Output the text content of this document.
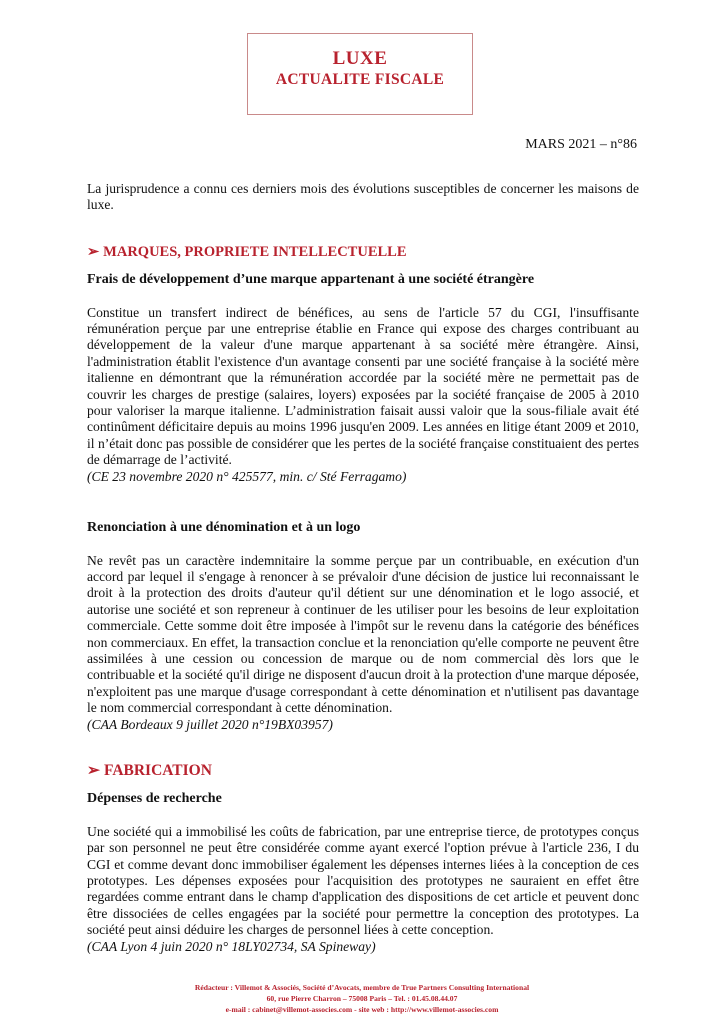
LUXE
ACTUALITE FISCALE
MARS 2021 – n°86

La jurisprudence a connu ces derniers mois des évolutions susceptibles de concerner les maisons de luxe.

➢ MARQUES, PROPRIETE INTELLECTUELLE

Frais de développement d’une marque appartenant à une société étrangère

Constitue un transfert indirect de bénéfices, au sens de l'article 57 du CGI, l'insuffisante rémunération perçue par une entreprise établie en France qui expose des charges contribuant au développement de la valeur d'une marque appartenant à sa société mère étrangère. Ainsi, l'administration établit l'existence d'un avantage consenti par une société française à la société mère italienne en démontrant que la rémunération accordée par la société mère ne permettait pas de couvrir les charges de prestige (salaires, loyers) exposées par la société française de 2005 à 2010 pour valoriser la marque italienne. L’administration faisait aussi valoir que la sous-filiale avait été continûment déficitaire depuis au moins 1996 jusqu'en 2009. Les années en litige étant 2009 et 2010, il n’était donc pas possible de considérer que les pertes de la société française constituaient des pertes de démarrage de l’activité.

(CE 23 novembre 2020 n° 425577, min. c/ Sté Ferragamo)

Renonciation à une dénomination et à un logo

Ne revêt pas un caractère indemnitaire la somme perçue par un contribuable, en exécution d'un accord par lequel il s'engage à renoncer à se prévaloir d'une décision de justice lui reconnaissant le droit à la protection des droits d'auteur qu'il détient sur une dénomination et le logo associé, et autorise une société et son repreneur à continuer de les utiliser pour les besoins de leur exploitation commerciale. Cette somme doit être imposée à l'impôt sur le revenu dans la catégorie des bénéfices non commerciaux. En effet, la transaction conclue et la renonciation qu'elle comporte ne peuvent être assimilées à une cession ou concession de marque ou de nom commercial dès lors que le contribuable et la société qu'il dirige ne disposent d'aucun droit à la protection d'une marque déposée, n'exploitent pas une marque d'usage correspondant à cette dénomination et n'utilisent pas davantage le nom commercial correspondant à cette dénomination.

(CAA Bordeaux 9 juillet 2020 n°19BX03957)

➢ FABRICATION

Dépenses de recherche

Une société qui a immobilisé les coûts de fabrication, par une entreprise tierce, de prototypes conçus par son personnel ne peut être considérée comme ayant exercé l'option prévue à l'article 236, I du CGI et comme devant donc immobiliser également les dépenses internes liées à la conception de ces prototypes. Les dépenses exposées pour l'acquisition des prototypes ne sauraient en effet être regardées comme entrant dans le champ d'application des dispositions de cet article et peuvent donc être dissociées de celles engagées par la société pour permettre la conception des prototypes. La société peut ainsi déduire les charges de personnel liées à cette conception.

(CAA Lyon 4 juin 2020 n° 18LY02734, SA Spineway)

Rédacteur : Villemot & Associés, Société d’Avocats, membre de True Partners Consulting International
60, rue Pierre Charron – 75008 Paris – Tel. : 01.45.08.44.07
e-mail : cabinet@villemot-associes.com - site web : http://www.villemot-associes.com
